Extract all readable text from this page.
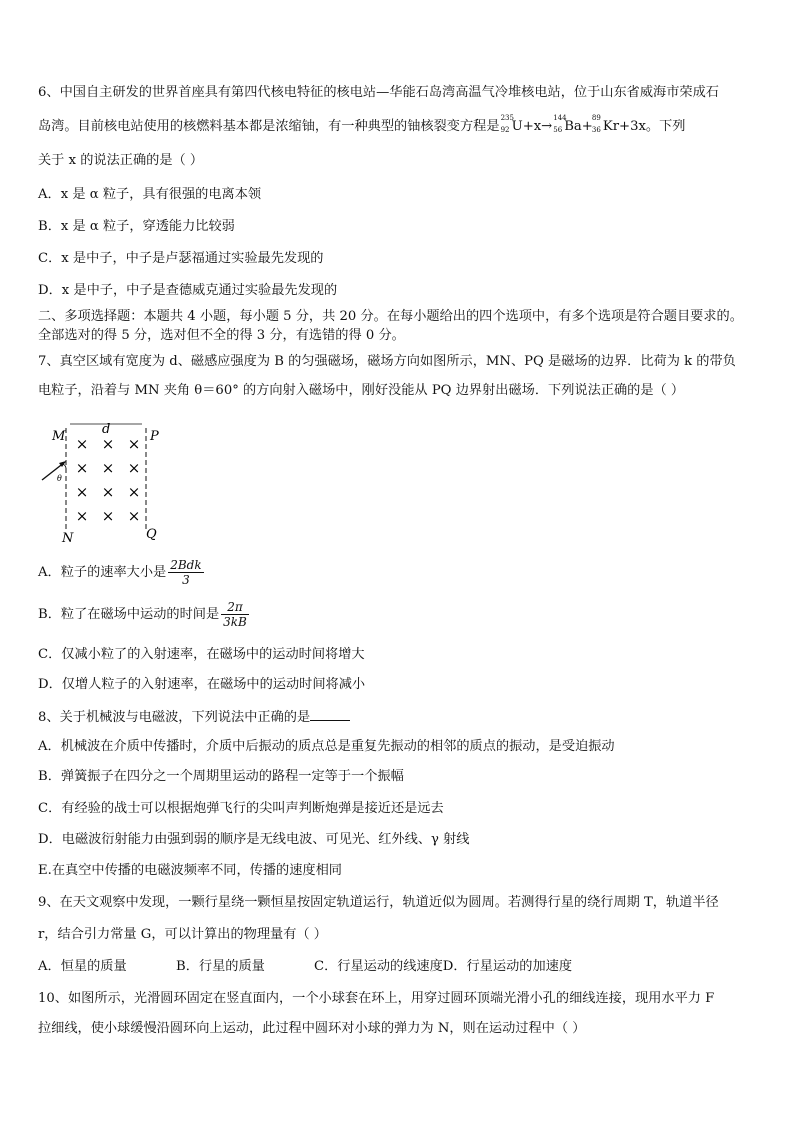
6、中国自主研发的世界首座具有第四代核电特征的核电站—华能石岛湾高温气冷堆核电站，位于山东省威海市荣成石
岛湾。目前核电站使用的核燃料基本都是浓缩铀，有一种典型的铀核裂变方程是
235
92 U+x→
144
56 Ba+
89
36 Kr+3x。下列
关于 x 的说法正确的是（ ）
A．x 是 α 粒子，具有很强的电离本领
B．x 是 α 粒子，穿透能力比较弱
C．x 是中子，中子是卢瑟福通过实验最先发现的
D．x 是中子，中子是查德威克通过实验最先发现的
二、多项选择题：本题共 4 小题，每小题 5 分，共 20 分。在每小题给出的四个选项中，有多个选项是符合题目要求的。
全部选对的得 5 分，选对但不全的得 3 分，有选错的得 0 分。
7、真空区域有宽度为 d、磁感应强度为 B 的匀强磁场，磁场方向如图所示，MN、PQ 是磁场的边界．比荷为 k 的带负
电粒子，沿着与 MN 夹角 θ＝60° 的方向射入磁场中，刚好没能从 PQ 边界射出磁场．下列说法正确的是（ ）
M	d	P
N	Q
θ
× × ×
× × ×
× × ×
× × ×
A．粒子的速率大小是 $\frac{\text{2Bdk}}{3}$
B．粒了在磁场中运动的时间是 $\frac{2\pi}{3kB}$
C．仅减小粒了的入射速率，在磁场中的运动时间将增大
D．仅增人粒子的入射速率，在磁场中的运动时间将减小
8、关于机械波与电磁波，下列说法中正确的是
A．机械波在介质中传播时，介质中后振动的质点总是重复先振动的相邻的质点的振动，是受迫振动
B．弹簧振子在四分之一个周期里运动的路程一定等于一个振幅
C．有经验的战士可以根据炮弹飞行的尖叫声判断炮弹是接近还是远去
D．电磁波衍射能力由强到弱的顺序是无线电波、可见光、红外线、γ 射线
E.在真空中传播的电磁波频率不同，传播的速度相同
9、在天文观察中发现，一颗行星绕一颗恒星按固定轨道运行，轨道近似为圆周。若测得行星的绕行周期 T，轨道半径
r，结合引力常量 G，可以计算出的物理量有（ ）
A．恒星的质量	B．行星的质量	C．行星运动的线速度D．行星运动的加速度
10、如图所示，光滑圆环固定在竖直面内，一个小球套在环上，用穿过圆环顶端光滑小孔的细线连接，现用水平力 F
拉细线，使小球缓慢沿圆环向上运动，此过程中圆环对小球的弹力为 N，则在运动过程中（ ）
